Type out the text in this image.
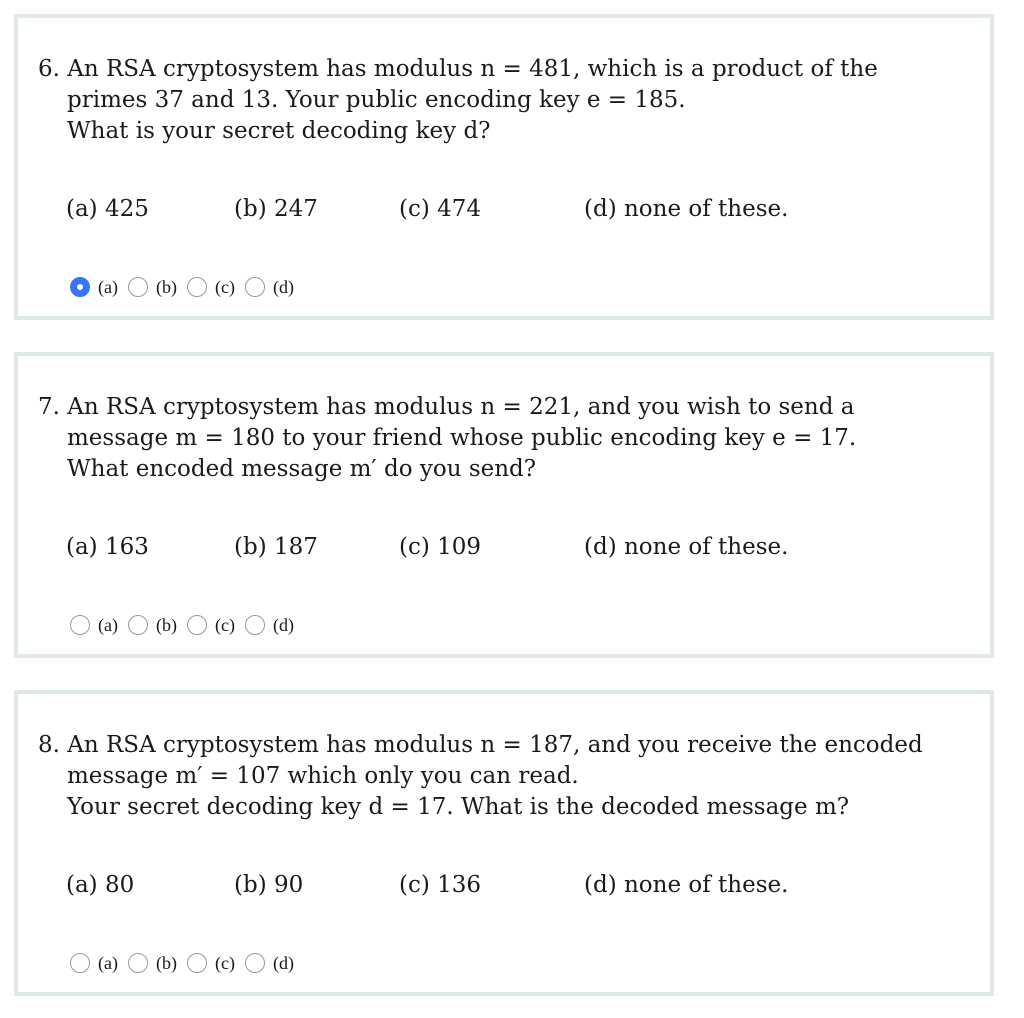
6. An RSA cryptosystem has modulus n = 481, which is a product of the
primes 37 and 13. Your public encoding key e = 185.
What is your secret decoding key d?
(a) 425	(b) 247	(c) 474	(d) none of these.
(a) (b) (c) (d)
7. An RSA cryptosystem has modulus n = 221, and you wish to send a
message m = 180 to your friend whose public encoding key e = 17.
What encoded message m′ do you send?
(a) 163	(b) 187	(c) 109	(d) none of these.
(a) (b) (c) (d)
8. An RSA cryptosystem has modulus n = 187, and you receive the encoded
message m′ = 107 which only you can read.
Your secret decoding key d = 17. What is the decoded message m?
(a) 80	(b) 90	(c) 136	(d) none of these.
(a) (b) (c) (d)
